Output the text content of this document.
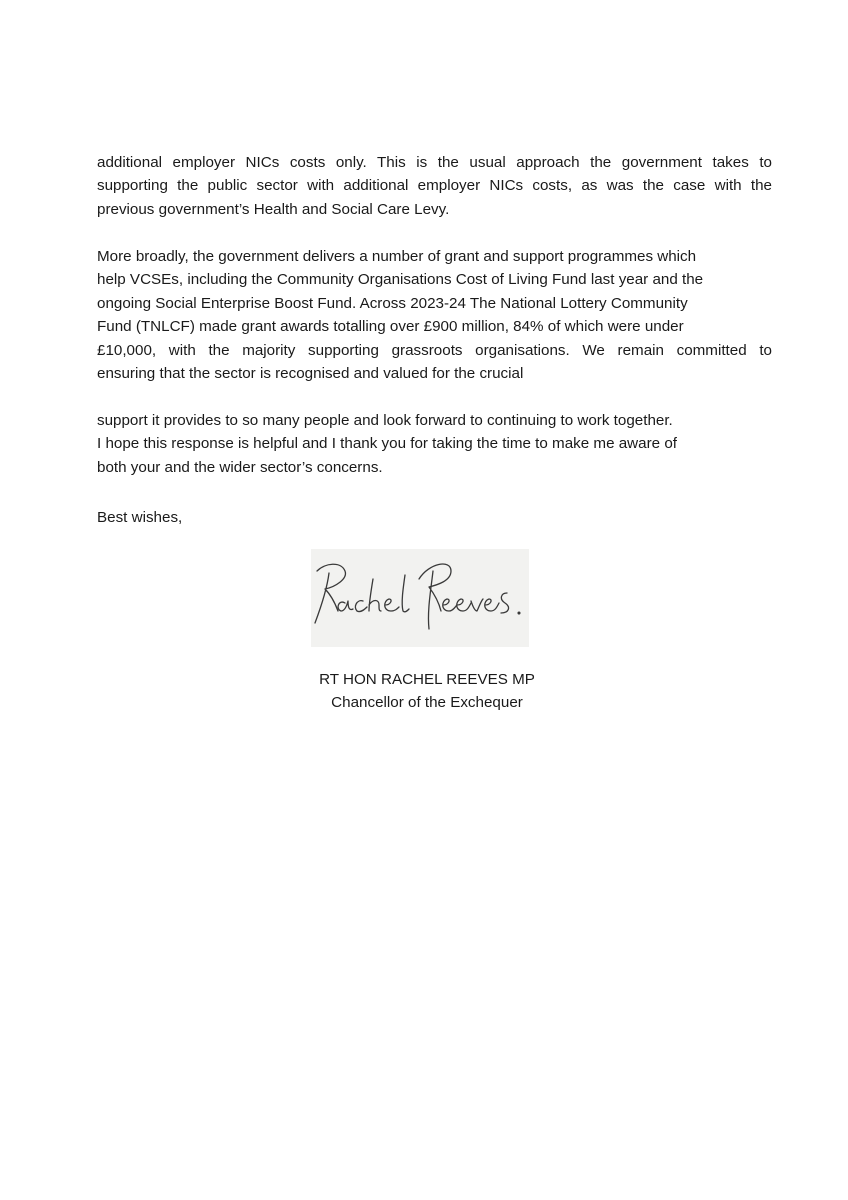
additional employer NICs costs only. This is the usual approach the government takes to
supporting the public sector with additional employer NICs costs, as was the case with the
previous government’s Health and Social Care Levy.
More broadly, the government delivers a number of grant and support programmes which
help VCSEs, including the Community Organisations Cost of Living Fund last year and the
ongoing Social Enterprise Boost Fund. Across 2023-24 The National Lottery Community
Fund (TNLCF) made grant awards totalling over £900 million, 84% of which were under
£10,000, with the majority supporting grassroots organisations. We remain committed to
ensuring that the sector is recognised and valued for the crucial
support it provides to so many people and look forward to continuing to work together.
I hope this response is helpful and I thank you for taking the time to make me aware of
both your and the wider sector’s concerns.
Best wishes,
RT HON RACHEL REEVES MP
Chancellor of the Exchequer
